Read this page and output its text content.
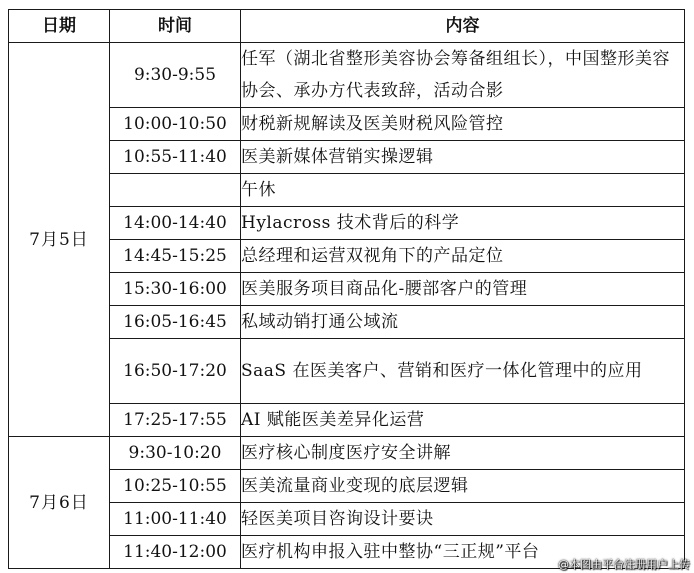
日期	时间	内容
7月5日	9:30-9:55	任军（湖北省整形美容协会筹备组组长），中国整形美容协会、承办方代表致辞，活动合影
	10:00-10:50	财税新规解读及医美财税风险管控
	10:55-11:40	医美新媒体营销实操逻辑
		午休
	14:00-14:40	Hylacross 技术背后的科学
	14:45-15:25	总经理和运营双视角下的产品定位
	15:30-16:00	医美服务项目商品化-腰部客户的管理
	16:05-16:45	私域动销打通公域流
	16:50-17:20	SaaS 在医美客户、营销和医疗一体化管理中的应用
	17:25-17:55	AI 赋能医美差异化运营
7月6日	9:30-10:20	医疗核心制度医疗安全讲解
	10:25-10:55	医美流量商业变现的底层逻辑
	11:00-11:40	轻医美项目咨询设计要诀
	11:40-12:00	医疗机构申报入驻中整协“三正规”平台
@本图由平台注册用户上传
